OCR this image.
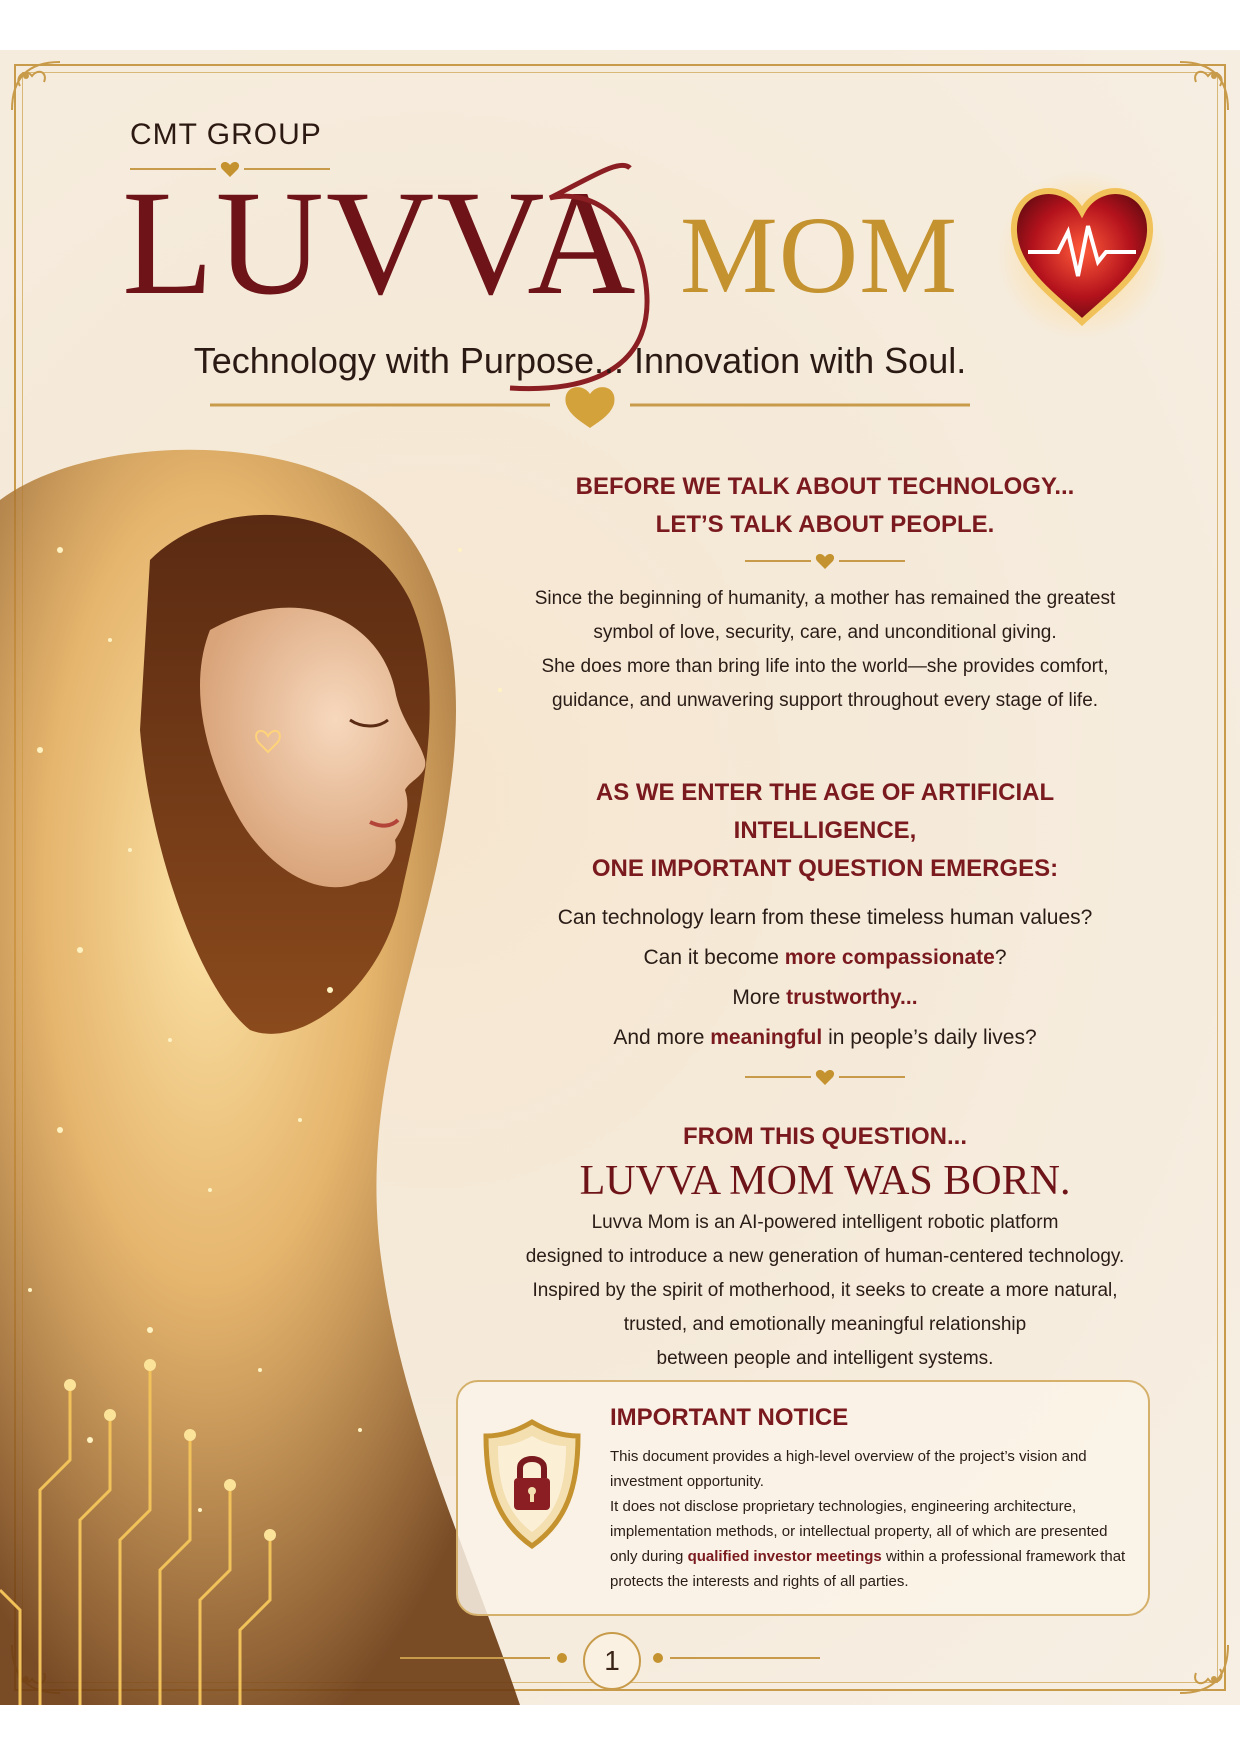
CMT GROUP
LUVVA MOM
Technology with Purpose... Innovation with Soul.

BEFORE WE TALK ABOUT TECHNOLOGY...

LET’S TALK ABOUT PEOPLE.

Since the beginning of humanity, a mother has remained the greatest

symbol of love, security, care, and unconditional giving.

She does more than bring life into the world—she provides comfort,

guidance, and unwavering support throughout every stage of life.

AS WE ENTER THE AGE OF ARTIFICIAL INTELLIGENCE,

ONE IMPORTANT QUESTION EMERGES:

Can technology learn from these timeless human values?

Can it become more compassionate?

More trustworthy...

And more meaningful in people’s daily lives?

FROM THIS QUESTION...

LUVVA MOM WAS BORN.

Luvva Mom is an AI-powered intelligent robotic platform

designed to introduce a new generation of human-centered technology.

Inspired by the spirit of motherhood, it seeks to create a more natural,

trusted, and emotionally meaningful relationship

between people and intelligent systems.

IMPORTANT NOTICE

This document provides a high-level overview of the project’s vision and investment opportunity.

It does not disclose proprietary technologies, engineering architecture, implementation methods, or intellectual property, all of which are presented only during qualified investor meetings within a professional framework that protects the interests and rights of all parties.

1
